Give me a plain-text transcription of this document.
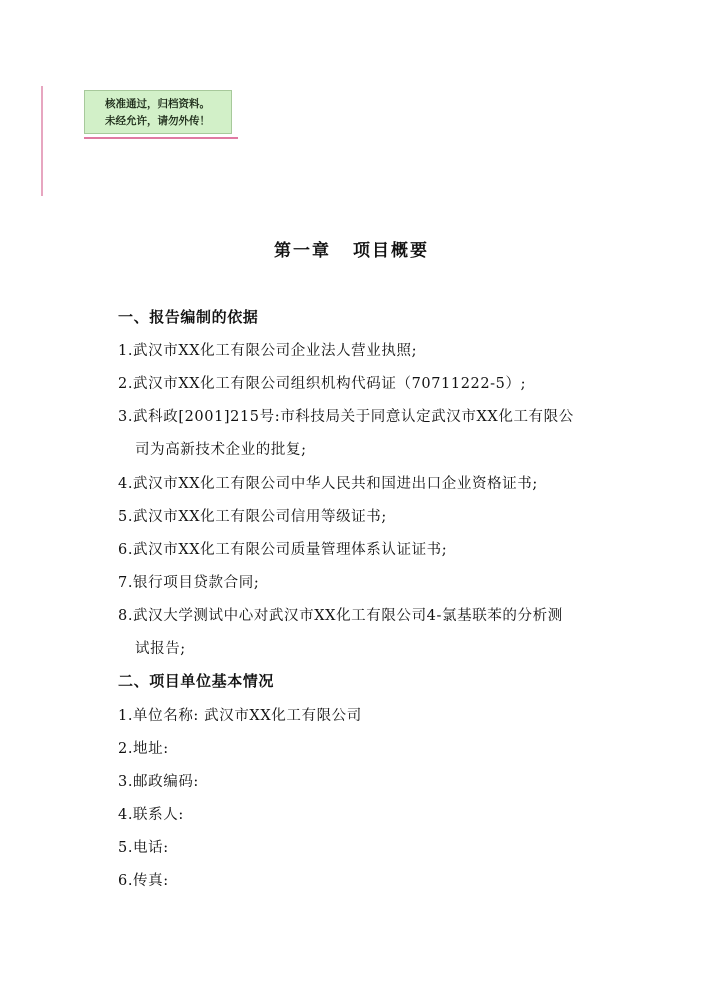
核准通过，归档资料。
未经允许，请勿外传！
第一章 项目概要
一、报告编制的依据
1.武汉市XX化工有限公司企业法人营业执照;
2.武汉市XX化工有限公司组织机构代码证（70711222-5）;
3.武科政[2001]215号:市科技局关于同意认定武汉市XX化工有限公
司为高新技术企业的批复;
4.武汉市XX化工有限公司中华人民共和国进出口企业资格证书;
5.武汉市XX化工有限公司信用等级证书;
6.武汉市XX化工有限公司质量管理体系认证证书;
7.银行项目贷款合同;
8.武汉大学测试中心对武汉市XX化工有限公司4-氯基联苯的分析测
试报告;
二、项目单位基本情况
1.单位名称: 武汉市XX化工有限公司
2.地址:
3.邮政编码:
4.联系人:
5.电话:
6.传真:
